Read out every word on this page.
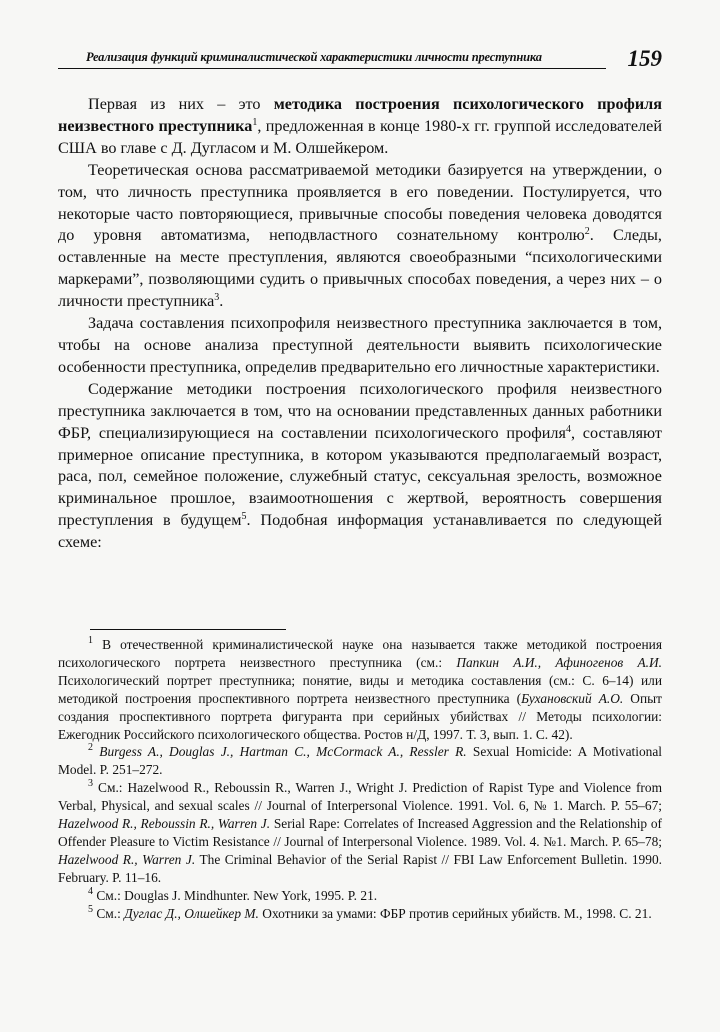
Реализация функций криминалистической характеристики личности преступника	159

Первая из них – это методика построения психологического профиля неизвестного преступника$^1$, предложенная в конце 1980-х гг. группой исследователей США во главе с Д. Дугласом и М. Олшейкером.

Теоретическая основа рассматриваемой методики базируется на утверждении, о том, что личность преступника проявляется в его поведении. Постулируется, что некоторые часто повторяющиеся, привычные способы поведения человека доводятся до уровня автоматизма, неподвластного сознательному контролю$^2$. Следы, оставленные на месте преступления, являются своеобразными “психологическими маркерами”, позволяющими судить о привычных способах поведения, а через них – о личности преступника$^3$.

Задача составления психопрофиля неизвестного преступника заключается в том, чтобы на основе анализа преступной деятельности выявить психологические особенности преступника, определив предварительно его личностные характеристики.

Содержание методики построения психологического профиля неизвестного преступника заключается в том, что на основании представленных данных работники ФБР, специализирующиеся на составлении психологического профиля$^4$, составляют примерное описание преступника, в котором указываются предполагаемый возраст, раса, пол, семейное положение, служебный статус, сексуальная зрелость, возможное криминальное прошлое, взаимоотношения с жертвой, вероятность совершения преступления в будущем$^5$. Подобная информация устанавливается по следующей схеме:

$^1$ В отечественной криминалистической науке она называется также методикой построения психологического портрета неизвестного преступника (см.: Папкин А.И., Афиногенов А.И. Психологический портрет преступника; понятие, виды и методика составления (см.: С. 6–14) или методикой построения проспективного портрета неизвестного преступника (Бухановский А.О. Опыт создания проспективного портрета фигуранта при серийных убийствах // Методы психологии: Ежегодник Российского психологического общества. Ростов н/Д, 1997. Т. 3, вып. 1. С. 42).

$^2$ Burgess A., Douglas J., Hartman C., McCormack A., Ressler R. Sexual Homicide: A Motivational Model. P. 251–272.

$^3$ См.: Hazelwood R., Reboussin R., Warren J., Wright J. Prediction of Rapist Type and Violence from Verbal, Physical, and sexual scales // Journal of Interpersonal Violence. 1991. Vol. 6, № 1. March. P. 55–67; Hazelwood R., Reboussin R., Warren J. Serial Rape: Correlates of Increased Aggression and the Relationship of Offender Pleasure to Victim Resistance // Journal of Interpersonal Violence. 1989. Vol. 4. №1. March. P. 65–78; Hazelwood R., Warren J. The Criminal Behavior of the Serial Rapist // FBI Law Enforcement Bulletin. 1990. February. P. 11–16.

$^4$ См.: Douglas J. Mindhunter. New York, 1995. P. 21.

$^5$ См.: Дуглас Д., Олшейкер М. Охотники за умами: ФБР против серийных убийств. М., 1998. С. 21.
